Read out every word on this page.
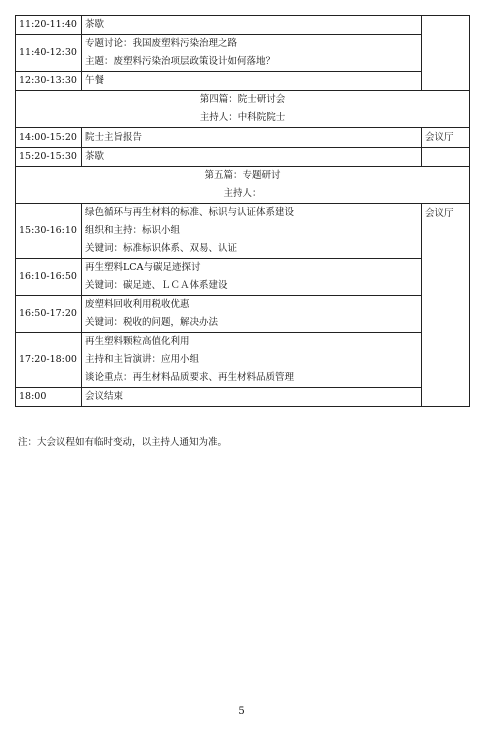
11:20-11:40	茶歇	

11:40-12:30	专题讨论：我国废塑料污染治理之路
主题：废塑料污染治项层政策设计如何落地？	

12:30-13:30	午餐	

第四篇：院士研讨会
主持人：中科院院士		

14:00-15:20	院士主旨报告	会议厅
15:20-15:30	茶歇	

第五篇：专题研讨
主持人：		

15:30-16:10	绿色循环与再生材料的标准、标识与认证体系建设
组织和主持：标识小组
关键词：标准标识体系、双易、认证	会议厅
16:10-16:50	再生塑料LCA与碳足迹探讨
关键词：碳足迹、ＬＣＡ体系建设	

16:50-17:20	废塑料回收利用税收优惠
关键词：税收的问题，解决办法	

17:20-18:00	再生塑料颗粒高值化利用
主持和主旨演讲：应用小组
谈论重点：再生材料品质要求、再生材料品质管理	

18:00	会议结束	
注：大会议程如有临时变动，以主持人通知为准。
5
